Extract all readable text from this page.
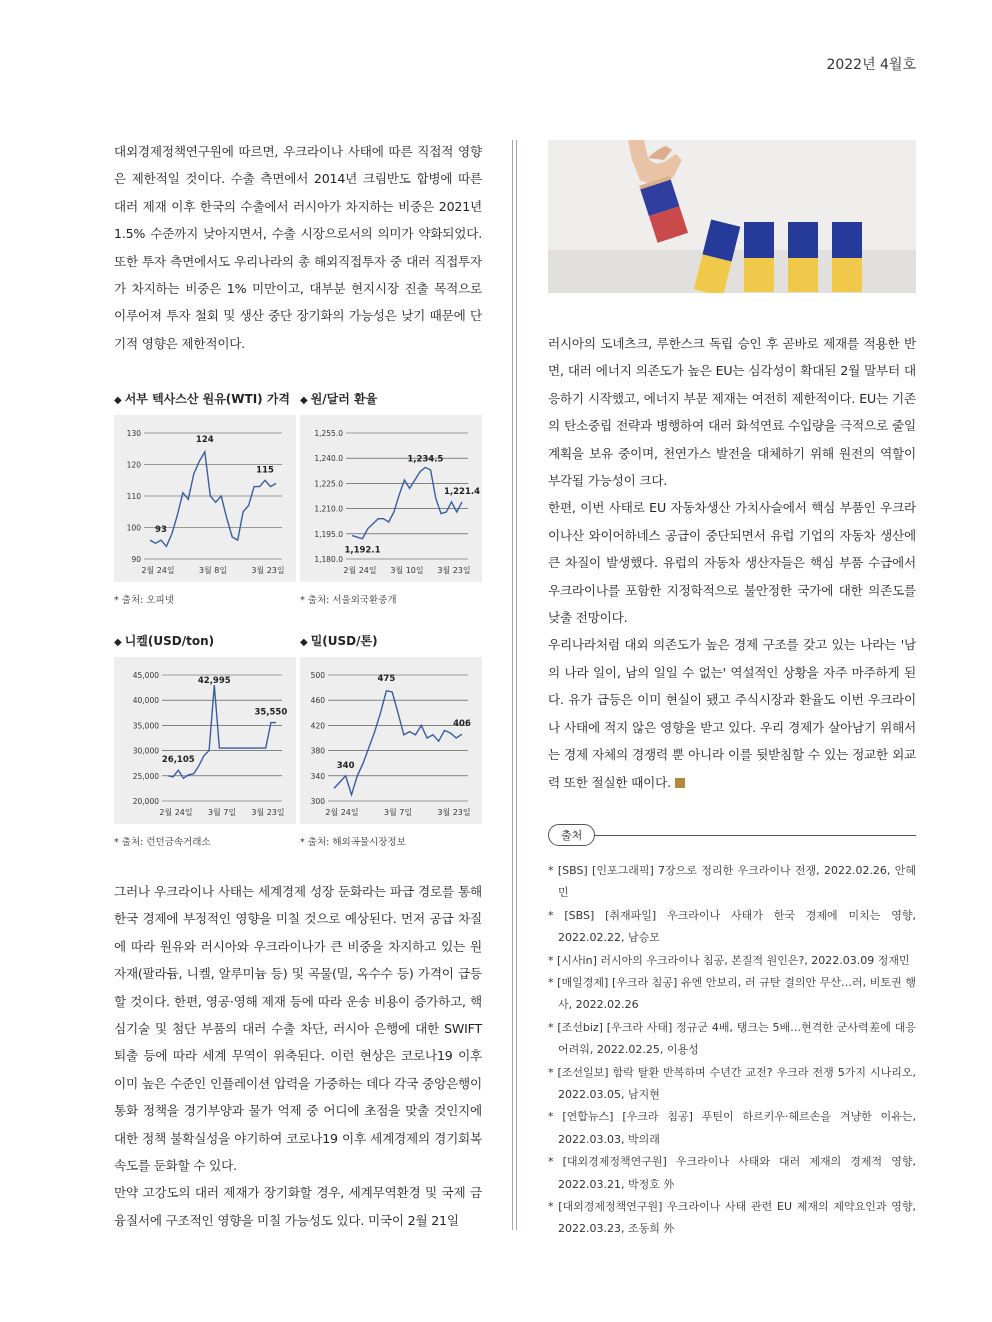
2022년 4월호

대외경제정책연구원에 따르면, 우크라이나 사태에 따른 직접적 영향은 제한적일 것이다. 수출 측면에서 2014년 크림반도 합병에 따른 대러 제재 이후 한국의 수출에서 러시아가 차지하는 비중은 2021년 1.5% 수준까지 낮아지면서, 수출 시장으로서의 의미가 약화되었다. 또한 투자 측면에서도 우리나라의 총 해외직접투자 중 대러 직접투자가 차지하는 비중은 1% 미만이고, 대부분 현지시장 진출 목적으로 이루어져 투자 철회 및 생산 중단 장기화의 가능성은 낮기 때문에 단기적 영향은 제한적이다.

◆ 서부 텍사스산 원유(WTI) 가격
130
120
110
100
90
2월 24일	3월 8일	3월 23일
93
124
115
* 출처: 오피넷
◆ 원/달러 환율
1,255.0
1,240.0
1,225.0
1,210.0
1,195.0
1,180.0
2월 24일 3월 10일 3월 23일
1,192.1
1,234.5
1,221.4
* 출처: 서울외국환중개
◆ 니켈(USD/ton)
45,000
40,000
35,000
30,000
25,000
20,000
2월 24일 3월 7일 3월 23일
26,105
42,995
35,550
* 출처: 런던금속거래소
◆ 밀(USD/톤)
500
460
420
380
340
300
2월 24일	3월 7일	3월 23일
340
475
406
* 출처: 해외곡물시장정보

그러나 우크라이나 사태는 세계경제 성장 둔화라는 파급 경로를 통해 한국 경제에 부정적인 영향을 미칠 것으로 예상된다. 먼저 공급 차질에 따라 원유와 러시아와 우크라이나가 큰 비중을 차지하고 있는 원자재(팔라듐, 니켈, 알루미늄 등) 및 곡물(밀, 옥수수 등) 가격이 급등할 것이다. 한편, 영공·영해 제재 등에 따라 운송 비용이 증가하고, 핵심기술 및 첨단 부품의 대러 수출 차단, 러시아 은행에 대한 SWIFT 퇴출 등에 따라 세계 무역이 위축된다. 이런 현상은 코로나19 이후 이미 높은 수준인 인플레이션 압력을 가중하는 데다 각국 중앙은행이 통화 정책을 경기부양과 물가 억제 중 어디에 초점을 맞출 것인지에 대한 정책 불확실성을 야기하여 코로나19 이후 세계경제의 경기회복 속도를 둔화할 수 있다.

만약 고강도의 대러 제재가 장기화할 경우, 세계무역환경 및 국제 금융질서에 구조적인 영향을 미칠 가능성도 있다. 미국이 2월 21일

러시아의 도네츠크, 루한스크 독립 승인 후 곧바로 제재를 적용한 반면, 대러 에너지 의존도가 높은 EU는 심각성이 확대된 2월 말부터 대응하기 시작했고, 에너지 부문 제재는 여전히 제한적이다. EU는 기존의 탄소중립 전략과 병행하여 대러 화석연료 수입량을 극적으로 줄일 계획을 보유 중이며, 천연가스 발전을 대체하기 위해 원전의 역할이 부각될 가능성이 크다.

한편, 이번 사태로 EU 자동차생산 가치사슬에서 핵심 부품인 우크라이나산 와이어하네스 공급이 중단되면서 유럽 기업의 자동차 생산에 큰 차질이 발생했다. 유럽의 자동차 생산자들은 핵심 부품 수급에서 우크라이나를 포함한 지정학적으로 불안정한 국가에 대한 의존도를 낮출 전망이다.

우리나라처럼 대외 의존도가 높은 경제 구조를 갖고 있는 나라는 '남의 나라 일이, 남의 일일 수 없는' 역설적인 상황을 자주 마주하게 된다. 유가 급등은 이미 현실이 됐고 주식시장과 환율도 이번 우크라이나 사태에 적지 않은 영향을 받고 있다. 우리 경제가 살아남기 위해서는 경제 자체의 경쟁력 뿐 아니라 이를 뒷받침할 수 있는 정교한 외교력 또한 절실한 때이다.

출처
* [SBS] [인포그래픽] 7장으로 정리한 우크라이나 전쟁, 2022.02.26, 안혜민
* [SBS] [취재파일] 우크라이나 사태가 한국 경제에 미치는 영향, 2022.02.22, 남승모
* [시사in] 러시아의 우크라이나 침공, 본질적 원인은?, 2022.03.09 정재민
* [매일경제] [우크라 침공] 유엔 안보리, 러 규탄 결의안 무산…러, 비토권 행사, 2022.02.26
* [조선biz] [우크라 사태] 정규군 4배, 탱크는 5배…현격한 군사력差에 대응 어려워, 2022.02.25, 이용성
* [조선일보] 함락 탈환 반복하며 수년간 교전? 우크라 전쟁 5가지 시나리오, 2022.03.05, 남지현
* [연합뉴스] [우크라 침공] 푸틴이 하르키우·헤르손을 겨냥한 이유는, 2022.03.03, 박의래
* [대외경제정책연구원] 우크라이나 사태와 대러 제재의 경제적 영향, 2022.03.21, 박정호 外
* [대외경제정책연구원] 우크라이나 사태 관련 EU 제재의 제약요인과 영향, 2022.03.23, 조동희 外
